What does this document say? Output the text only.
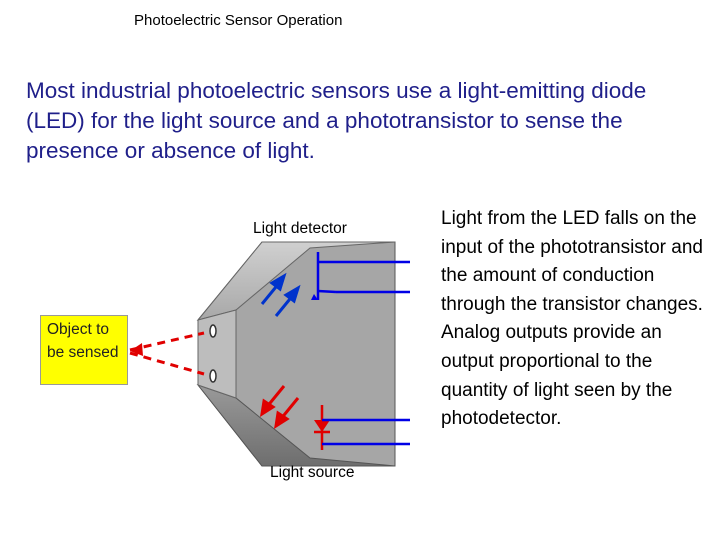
Photoelectric Sensor Operation
Most industrial photoelectric sensors use a light-emitting diode (LED) for the light source and a phototransistor to sense the presence or absence of light.
Light detector
Light source
Object to be sensed
Light from the LED falls on the input of the phototransistor and the amount of conduction through the transistor changes. Analog outputs provide an output proportional to the quantity of light seen by the photodetector.
